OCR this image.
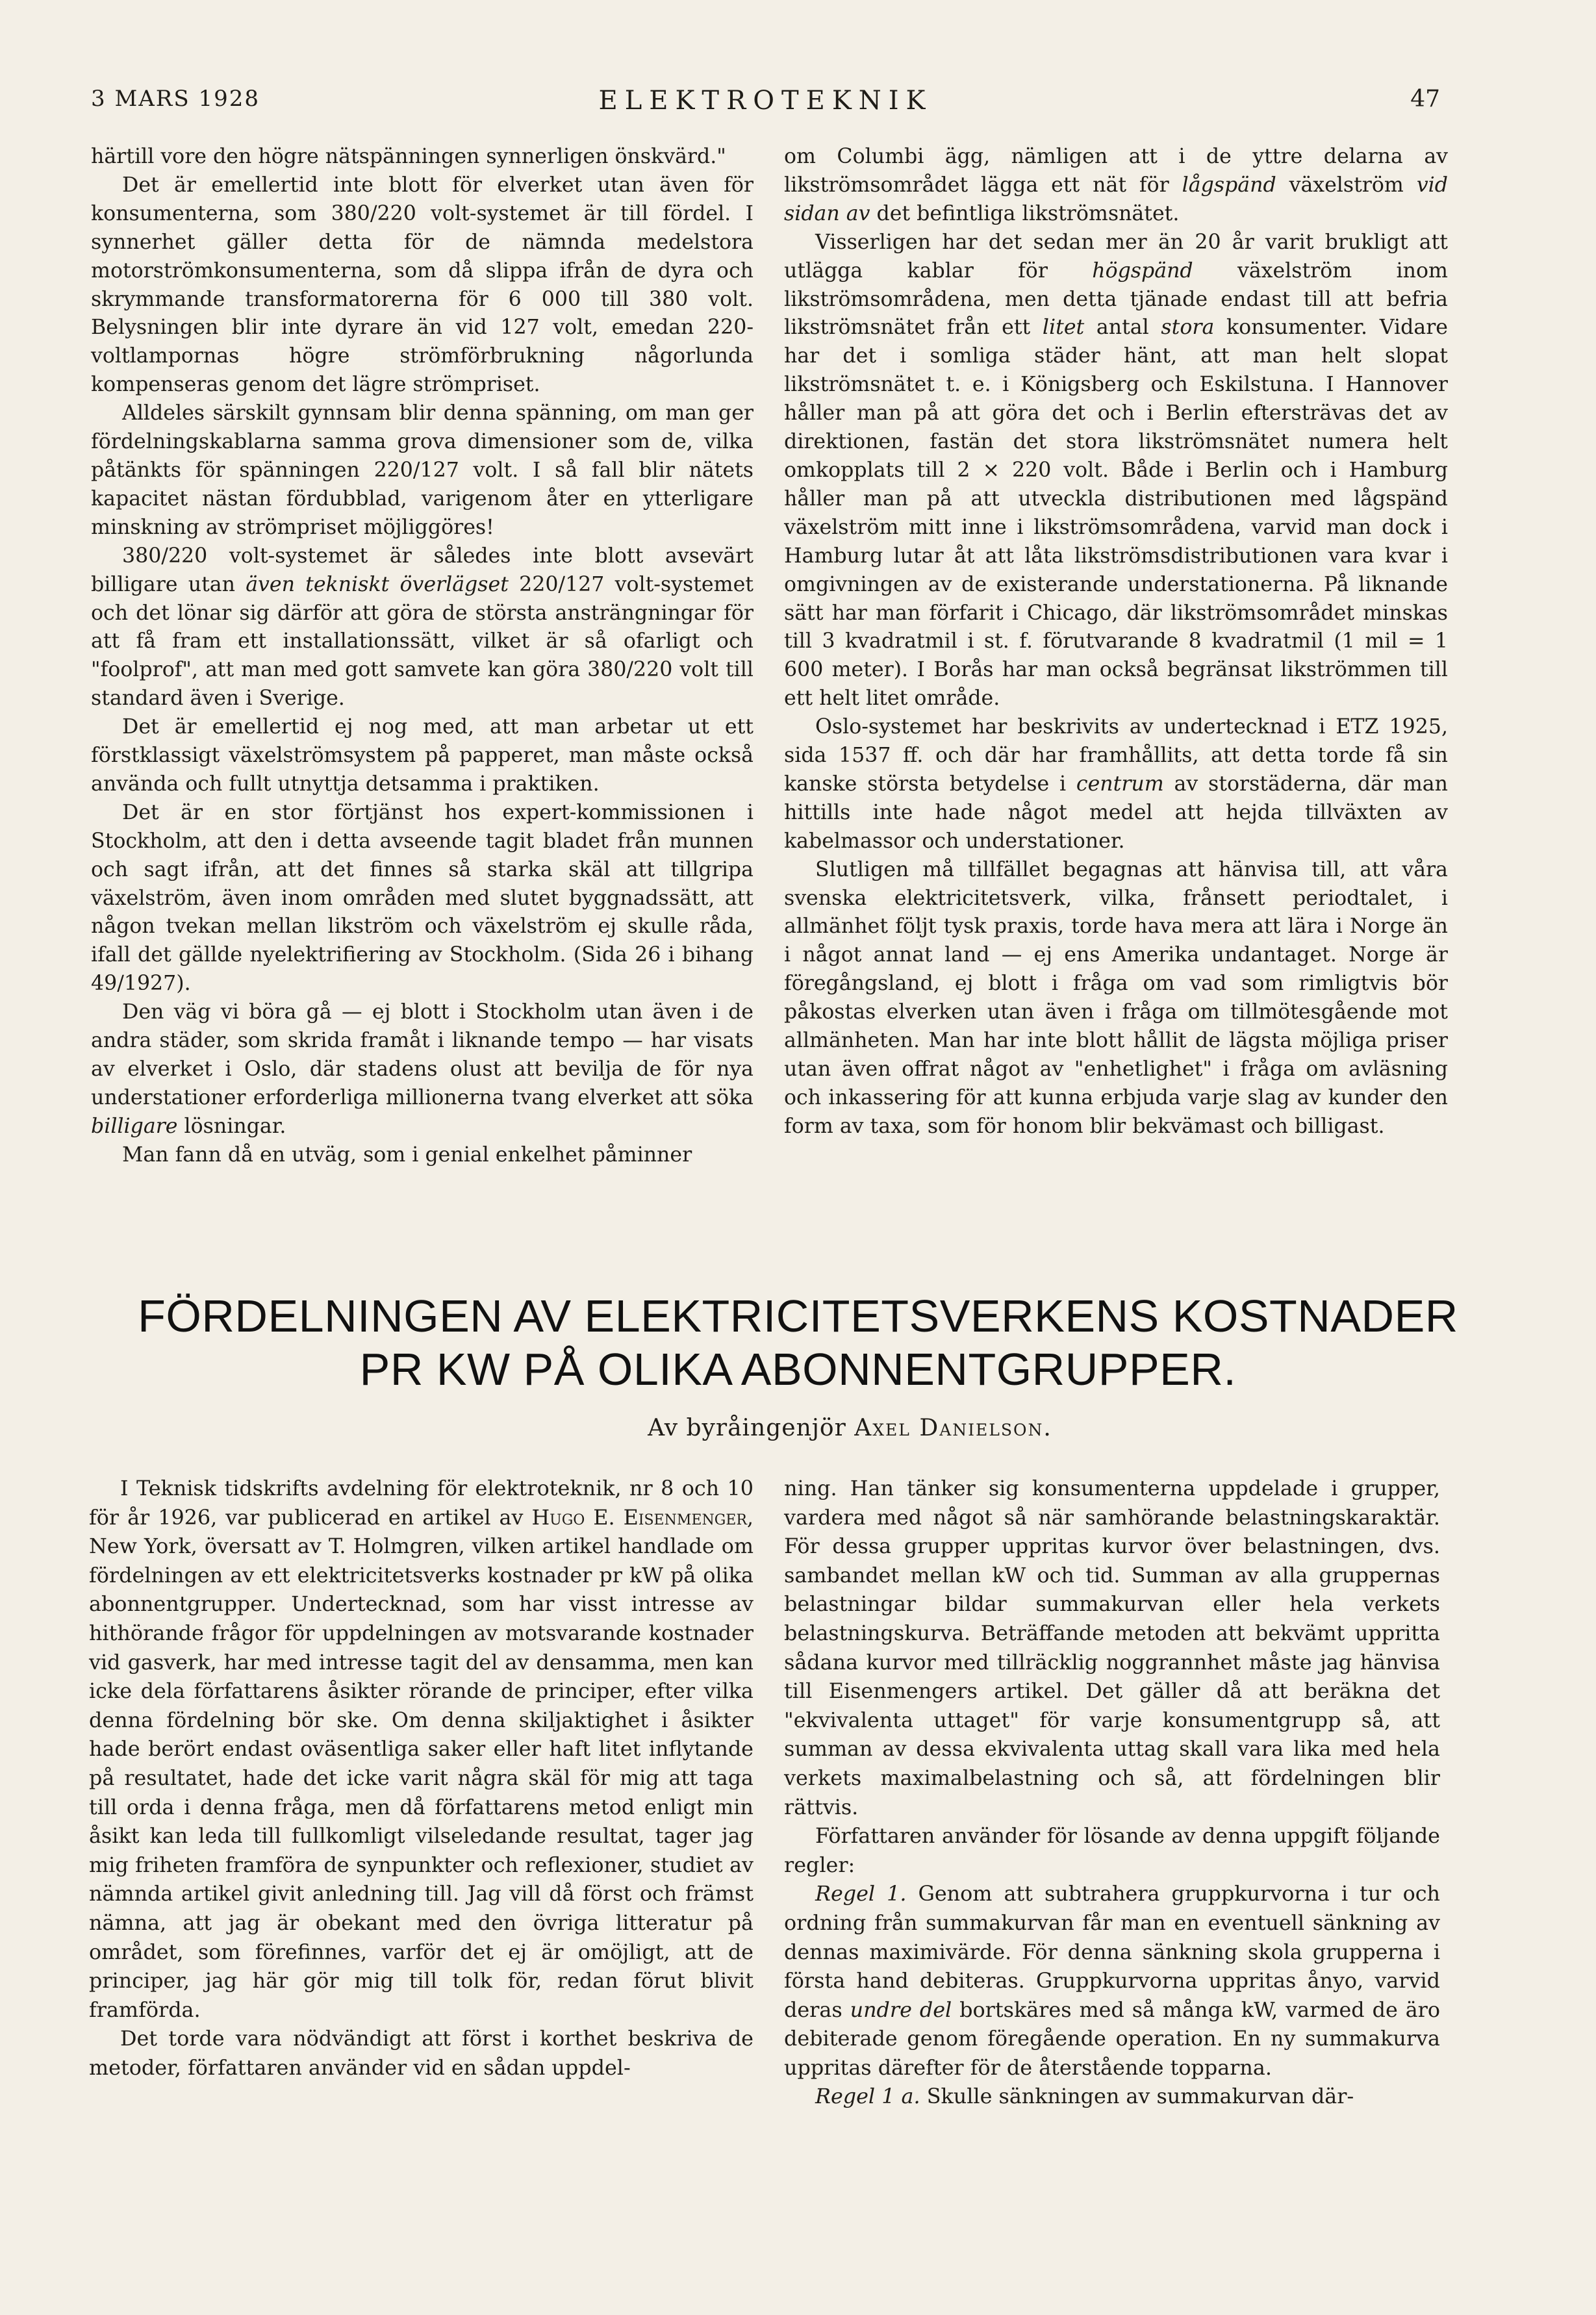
3 MARS 1928	ELEKTROTEKNIK	47

härtill vore den högre nätspänningen synnerligen önskvärd."

Det är emellertid inte blott för elverket utan även för konsumenterna, som 380/220 volt-systemet är till fördel. I synnerhet gäller detta för de nämnda medelstora motorströmkonsumenterna, som då slippa ifrån de dyra och skrymmande transformatorerna för 6 000 till 380 volt. Belysningen blir inte dyrare än vid 127 volt, emedan 220-voltlampornas högre strömförbrukning någorlunda kompenseras genom det lägre strömpriset.

Alldeles särskilt gynnsam blir denna spänning, om man ger fördelningskablarna samma grova dimensioner som de, vilka påtänkts för spänningen 220/127 volt. I så fall blir nätets kapacitet nästan fördubblad, varigenom åter en ytterligare minskning av strömpriset möjliggöres!

380/220 volt-systemet är således inte blott avsevärt billigare utan även tekniskt överlägset 220/127 volt-systemet och det lönar sig därför att göra de största ansträngningar för att få fram ett installationssätt, vilket är så ofarligt och "foolprof", att man med gott samvete kan göra 380/220 volt till standard även i Sverige.

Det är emellertid ej nog med, att man arbetar ut ett förstklassigt växelströmsystem på papperet, man måste också använda och fullt utnyttja detsamma i praktiken.

Det är en stor förtjänst hos expert-kommissionen i Stockholm, att den i detta avseende tagit bladet från munnen och sagt ifrån, att det finnes så starka skäl att tillgripa växelström, även inom områden med slutet byggnadssätt, att någon tvekan mellan likström och växelström ej skulle råda, ifall det gällde nyelektrifiering av Stockholm. (Sida 26 i bihang 49/1927).

Den väg vi böra gå — ej blott i Stockholm utan även i de andra städer, som skrida framåt i liknande tempo — har visats av elverket i Oslo, där stadens olust att bevilja de för nya understationer erforderliga millionerna tvang elverket att söka billigare lösningar.

Man fann då en utväg, som i genial enkelhet påminner

om Columbi ägg, nämligen att i de yttre delarna av likströmsområdet lägga ett nät för lågspänd växelström vid sidan av det befintliga likströmsnätet.

Visserligen har det sedan mer än 20 år varit brukligt att utlägga kablar för högspänd växelström inom likströmsområdena, men detta tjänade endast till att befria likströmsnätet från ett litet antal stora konsumenter. Vidare har det i somliga städer hänt, att man helt slopat likströmsnätet t. e. i Königsberg och Eskilstuna. I Hannover håller man på att göra det och i Berlin eftersträvas det av direktionen, fastän det stora likströmsnätet numera helt omkopplats till 2 × 220 volt. Både i Berlin och i Hamburg håller man på att utveckla distributionen med lågspänd växelström mitt inne i likströmsområdena, varvid man dock i Hamburg lutar åt att låta likströmsdistributionen vara kvar i omgivningen av de existerande understationerna. På liknande sätt har man förfarit i Chicago, där likströmsområdet minskas till 3 kvadratmil i st. f. förutvarande 8 kvadratmil (1 mil = 1 600 meter). I Borås har man också begränsat likströmmen till ett helt litet område.

Oslo-systemet har beskrivits av undertecknad i ETZ 1925, sida 1537 ff. och där har framhållits, att detta torde få sin kanske största betydelse i centrum av storstäderna, där man hittills inte hade något medel att hejda tillväxten av kabelmassor och understationer.

Slutligen må tillfället begagnas att hänvisa till, att våra svenska elektricitetsverk, vilka, frånsett periodtalet, i allmänhet följt tysk praxis, torde hava mera att lära i Norge än i något annat land — ej ens Amerika undantaget. Norge är föregångsland, ej blott i fråga om vad som rimligtvis bör påkostas elverken utan även i fråga om tillmötesgående mot allmänheten. Man har inte blott hållit de lägsta möjliga priser utan även offrat något av "enhetlighet" i fråga om avläsning och inkassering för att kunna erbjuda varje slag av kunder den form av taxa, som för honom blir bekvämast och billigast.

FÖRDELNINGEN AV ELEKTRICITETSVERKENS KOSTNADER
PR KW PÅ OLIKA ABONNENTGRUPPER.
Av byråingenjör Axel Danielson.

I Teknisk tidskrifts avdelning för elektroteknik, nr 8 och 10 för år 1926, var publicerad en artikel av Hugo E. Eisenmenger, New York, översatt av T. Holmgren, vilken artikel handlade om fördelningen av ett elektricitetsverks kostnader pr kW på olika abonnentgrupper. Undertecknad, som har visst intresse av hithörande frågor för uppdelningen av motsvarande kostnader vid gasverk, har med intresse tagit del av densamma, men kan icke dela författarens åsikter rörande de principer, efter vilka denna fördelning bör ske. Om denna skiljaktighet i åsikter hade berört endast oväsentliga saker eller haft litet inflytande på resultatet, hade det icke varit några skäl för mig att taga till orda i denna fråga, men då författarens metod enligt min åsikt kan leda till fullkomligt vilseledande resultat, tager jag mig friheten framföra de synpunkter och reflexioner, studiet av nämnda artikel givit anledning till. Jag vill då först och främst nämna, att jag är obekant med den övriga litteratur på området, som förefinnes, varför det ej är omöjligt, att de principer, jag här gör mig till tolk för, redan förut blivit framförda.

Det torde vara nödvändigt att först i korthet beskriva de metoder, författaren använder vid en sådan uppdel-

ning. Han tänker sig konsumenterna uppdelade i grupper, vardera med något så när samhörande belastningskaraktär. För dessa grupper uppritas kurvor över belastningen, dvs. sambandet mellan kW och tid. Summan av alla gruppernas belastningar bildar summakurvan eller hela verkets belastningskurva. Beträffande metoden att bekvämt uppritta sådana kurvor med tillräcklig noggrannhet måste jag hänvisa till Eisenmengers artikel. Det gäller då att beräkna det "ekvivalenta uttaget" för varje konsumentgrupp så, att summan av dessa ekvivalenta uttag skall vara lika med hela verkets maximalbelastning och så, att fördelningen blir rättvis.

Författaren använder för lösande av denna uppgift följande regler:

Regel 1. Genom att subtrahera gruppkurvorna i tur och ordning från summakurvan får man en eventuell sänkning av dennas maximivärde. För denna sänkning skola grupperna i första hand debiteras. Gruppkurvorna uppritas ånyo, varvid deras undre del bortskäres med så många kW, varmed de äro debiterade genom föregående operation. En ny summakurva uppritas därefter för de återstående topparna.

Regel 1 a. Skulle sänkningen av summakurvan där-
